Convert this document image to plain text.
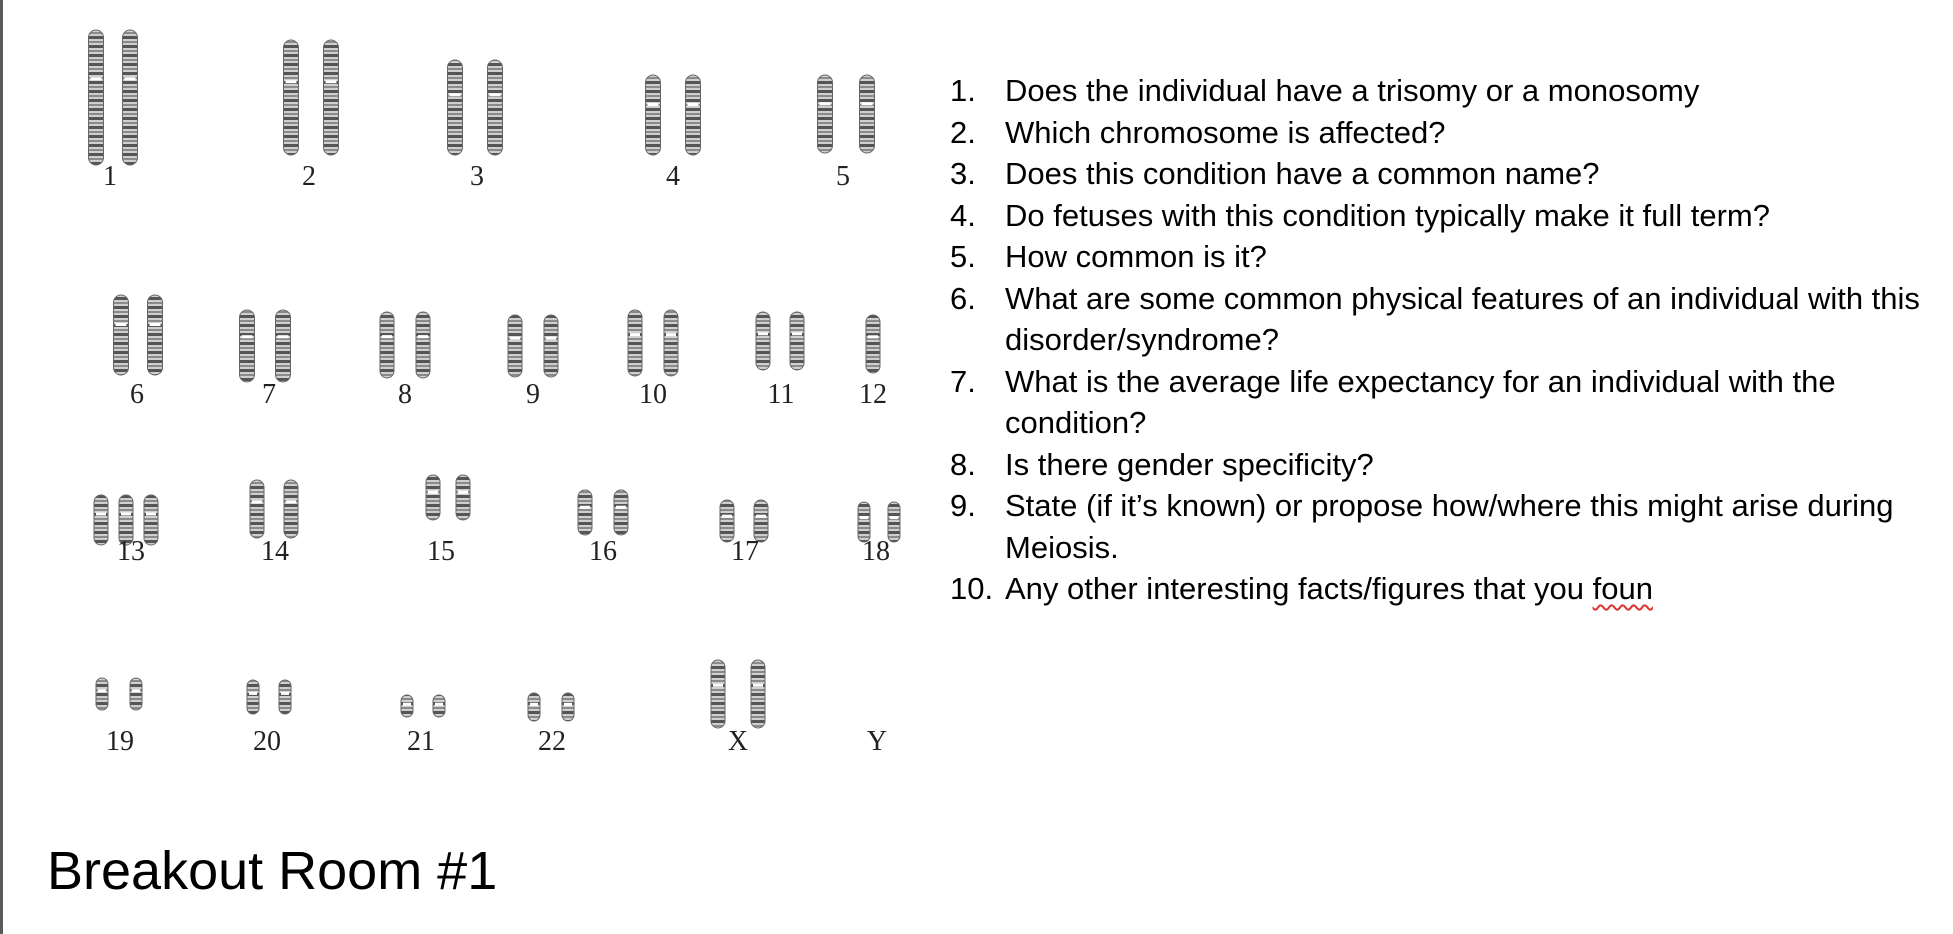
1	2	3	4	5
6	7	8	9	10	11 12
13	14	15	16	17	18
19	20	21	22	X	Y
1. Does the individual have a trisomy or a monosomy
2. Which chromosome is affected?
3. Does this condition have a common name?
4. Do fetuses with this condition typically make it full term?
5. How common is it?
6. What are some common physical features of an individual with this disorder/syndrome?
7. What is the average life expectancy for an individual with the condition?
8. Is there gender specificity?
9. State (if it’s known) or propose how/where this might arise during Meiosis.
10. Any other interesting facts/figures that you foun
Breakout Room #1
